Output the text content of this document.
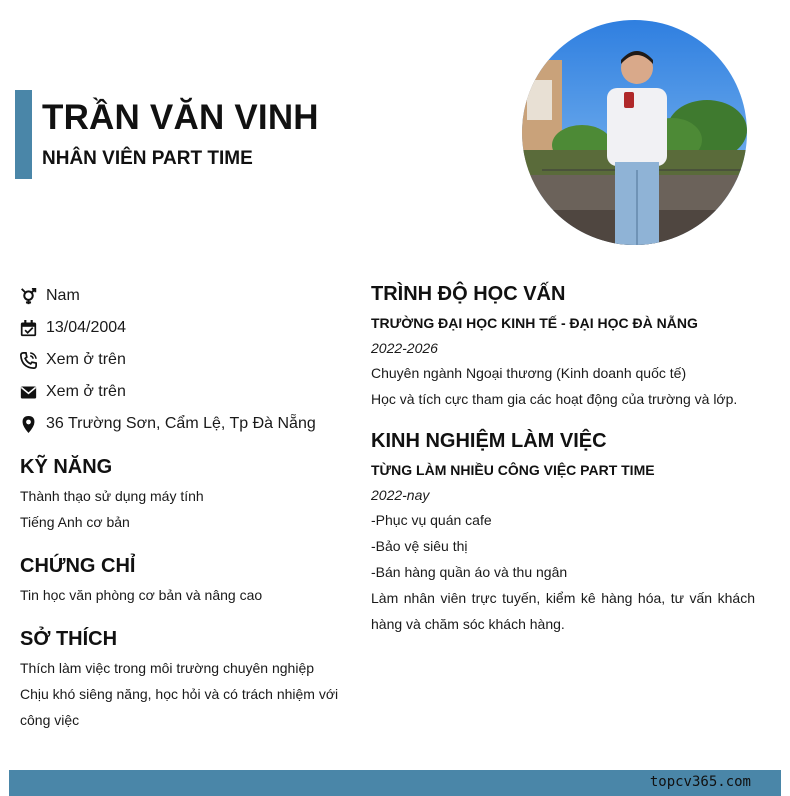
TRẦN VĂN VINH
NHÂN VIÊN PART TIME
Nam
13/04/2004
Xem ở trên
Xem ở trên
36 Trường Sơn, Cẩm Lệ, Tp Đà Nẵng
KỸ NĂNG
Thành thạo sử dụng máy tính
Tiếng Anh cơ bản
CHỨNG CHỈ
Tin học văn phòng cơ bản và nâng cao
SỞ THÍCH
Thích làm việc trong môi trường chuyên nghiệp
Chịu khó siêng năng, học hỏi và có trách nhiệm với công việc
TRÌNH ĐỘ HỌC VẤN
TRƯỜNG ĐẠI HỌC KINH TẾ - ĐẠI HỌC ĐÀ NẴNG
2022-2026
Chuyên ngành Ngoại thương (Kinh doanh quốc tế)
Học và tích cực tham gia các hoạt động của trường và lớp.
KINH NGHIỆM LÀM VIỆC
TỪNG LÀM NHIỀU CÔNG VIỆC PART TIME
2022-nay
-Phục vụ quán cafe
-Bảo vệ siêu thị
-Bán hàng quần áo và thu ngân
Làm nhân viên trực tuyến, kiểm kê hàng hóa, tư vấn khách hàng và chăm sóc khách hàng.
topcv365.com
